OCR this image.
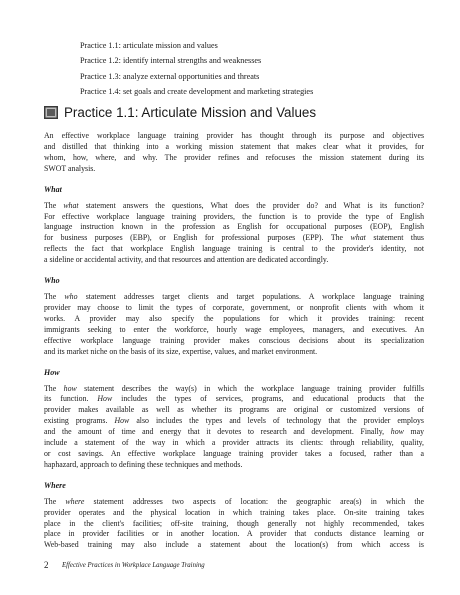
Practice 1.1: articulate mission and values
Practice 1.2: identify internal strengths and weaknesses
Practice 1.3: analyze external opportunities and threats
Practice 1.4: set goals and create development and marketing strategies
Practice 1.1: Articulate Mission and Values

An effective workplace language training provider has thought through its purpose and objectives
and distilled that thinking into a working mission statement that makes clear what it provides, for
whom, how, where, and why. The provider refines and refocuses the mission statement during its
SWOT analysis.

What

The what statement answers the questions, What does the provider do? and What is its function?
For effective workplace language training providers, the function is to provide the type of English
language instruction known in the profession as English for occupational purposes (EOP), English
for business purposes (EBP), or English for professional purposes (EPP). The what statement thus
reflects the fact that workplace English language training is central to the provider's identity, not
a sideline or accidental activity, and that resources and attention are dedicated accordingly.

Who

The who statement addresses target clients and target populations. A workplace language training
provider may choose to limit the types of corporate, government, or nonprofit clients with whom it
works. A provider may also specify the populations for which it provides training: recent
immigrants seeking to enter the workforce, hourly wage employees, managers, and executives. An
effective workplace language training provider makes conscious decisions about its specialization
and its market niche on the basis of its size, expertise, values, and market environment.

How

The how statement describes the way(s) in which the workplace language training provider fulfills
its function. How includes the types of services, programs, and educational products that the
provider makes available as well as whether its programs are original or customized versions of
existing programs. How also includes the types and levels of technology that the provider employs
and the amount of time and energy that it devotes to research and development. Finally, how may
include a statement of the way in which a provider attracts its clients: through reliability, quality,
or cost savings. An effective workplace language training provider takes a focused, rather than a
haphazard, approach to defining these techniques and methods.

Where

The where statement addresses two aspects of location: the geographic area(s) in which the
provider operates and the physical location in which training takes place. On-site training takes
place in the client's facilities; off-site training, though generally not highly recommended, takes
place in provider facilities or in another location. A provider that conducts distance learning or
Web-based training may also include a statement about the location(s) from which access is

2 Effective Practices in Workplace Language Training
